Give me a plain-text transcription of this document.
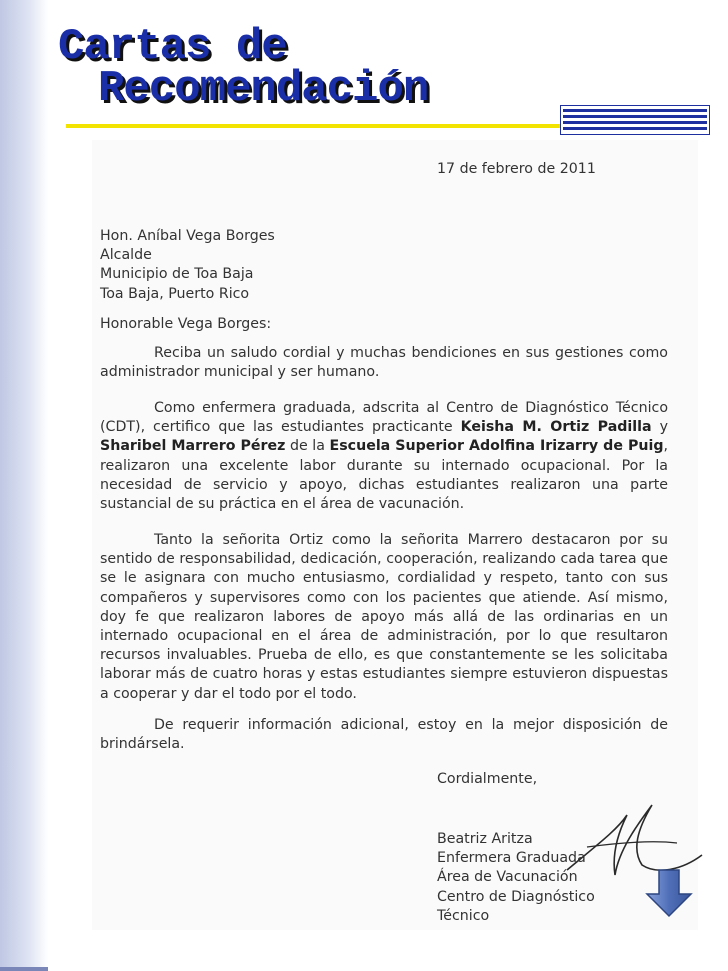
Cartas de
Recomendación
17 de febrero de 2011
Hon. Aníbal Vega Borges
Alcalde
Municipio de Toa Baja
Toa Baja, Puerto Rico
Honorable Vega Borges:
Reciba un saludo cordial y muchas bendiciones en sus gestiones como administrador municipal y ser humano.
Como enfermera graduada, adscrita al Centro de Diagnóstico Técnico (CDT), certifico que las estudiantes practicante Keisha M. Ortiz Padilla y Sharibel Marrero Pérez de la Escuela Superior Adolfina Irizarry de Puig, realizaron una excelente labor durante su internado ocupacional. Por la necesidad de servicio y apoyo, dichas estudiantes realizaron una parte sustancial de su práctica en el área de vacunación.
Tanto la señorita Ortiz como la señorita Marrero destacaron por su sentido de responsabilidad, dedicación, cooperación, realizando cada tarea que se le asignara con mucho entusiasmo, cordialidad y respeto, tanto con sus compañeros y supervisores como con los pacientes que atiende. Así mismo, doy fe que realizaron labores de apoyo más allá de las ordinarias en un internado ocupacional en el área de administración, por lo que resultaron recursos invaluables. Prueba de ello, es que constantemente se les solicitaba laborar más de cuatro horas y estas estudiantes siempre estuvieron dispuestas a cooperar y dar el todo por el todo.
De requerir información adicional, estoy en la mejor disposición de brindársela.
Cordialmente,
Beatriz Aritza
Enfermera Graduada
Área de Vacunación
Centro de Diagnóstico
Técnico
